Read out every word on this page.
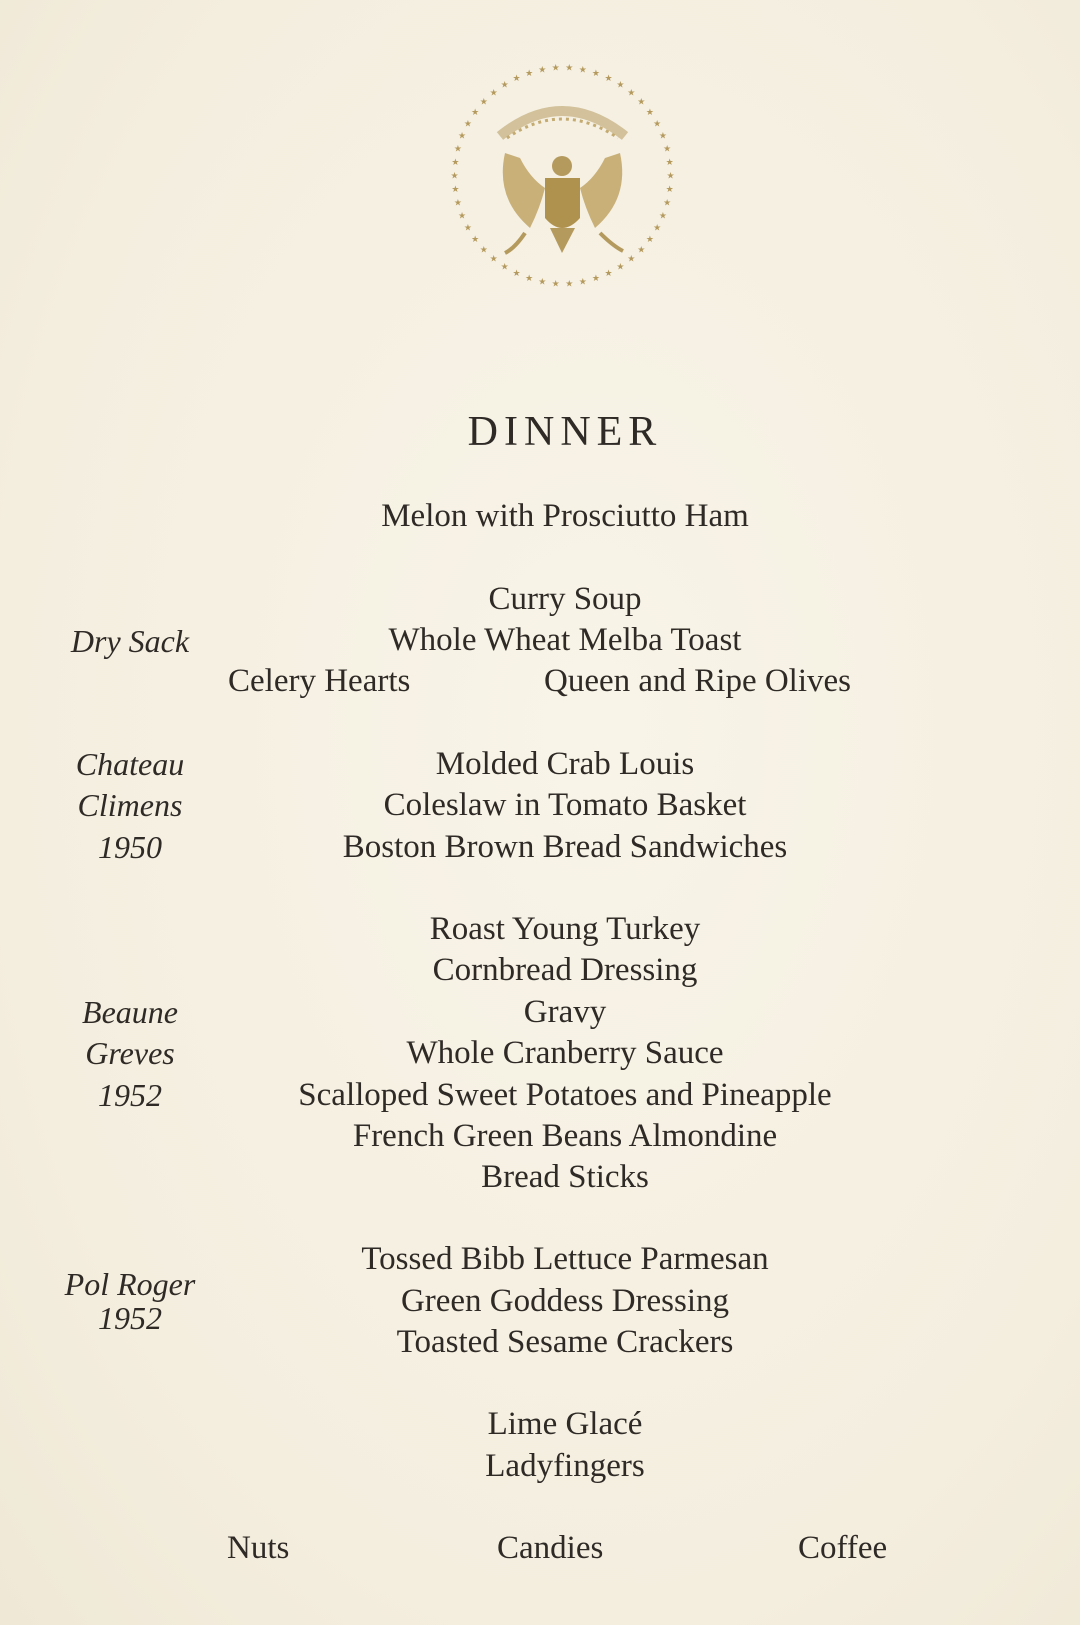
★
★
★
★
★
★
★
★
★
★
★
★
★
★
★
★
★
★
★
★
★
★
★
★
★
★
★
★
★
★
★
★
★
★
★ ★ ★ ★ ★ ★ ★ ★
★
★
★
★
★
★
★
★
DINNER
Melon with Prosciutto Ham
Curry Soup
Whole Wheat Melba Toast
Celery Hearts	Queen and Ripe Olives
Dry Sack
Molded Crab Louis
Coleslaw in Tomato Basket
Boston Brown Bread Sandwiches
Chateau
Climens
1950
Roast Young Turkey
Cornbread Dressing
Gravy
Whole Cranberry Sauce
Scalloped Sweet Potatoes and Pineapple
French Green Beans Almondine
Bread Sticks
Beaune
Greves
1952
Tossed Bibb Lettuce Parmesan
Green Goddess Dressing
Toasted Sesame Crackers
Pol Roger
1952
Lime Glacé
Ladyfingers
Nuts	Candies	Coffee
